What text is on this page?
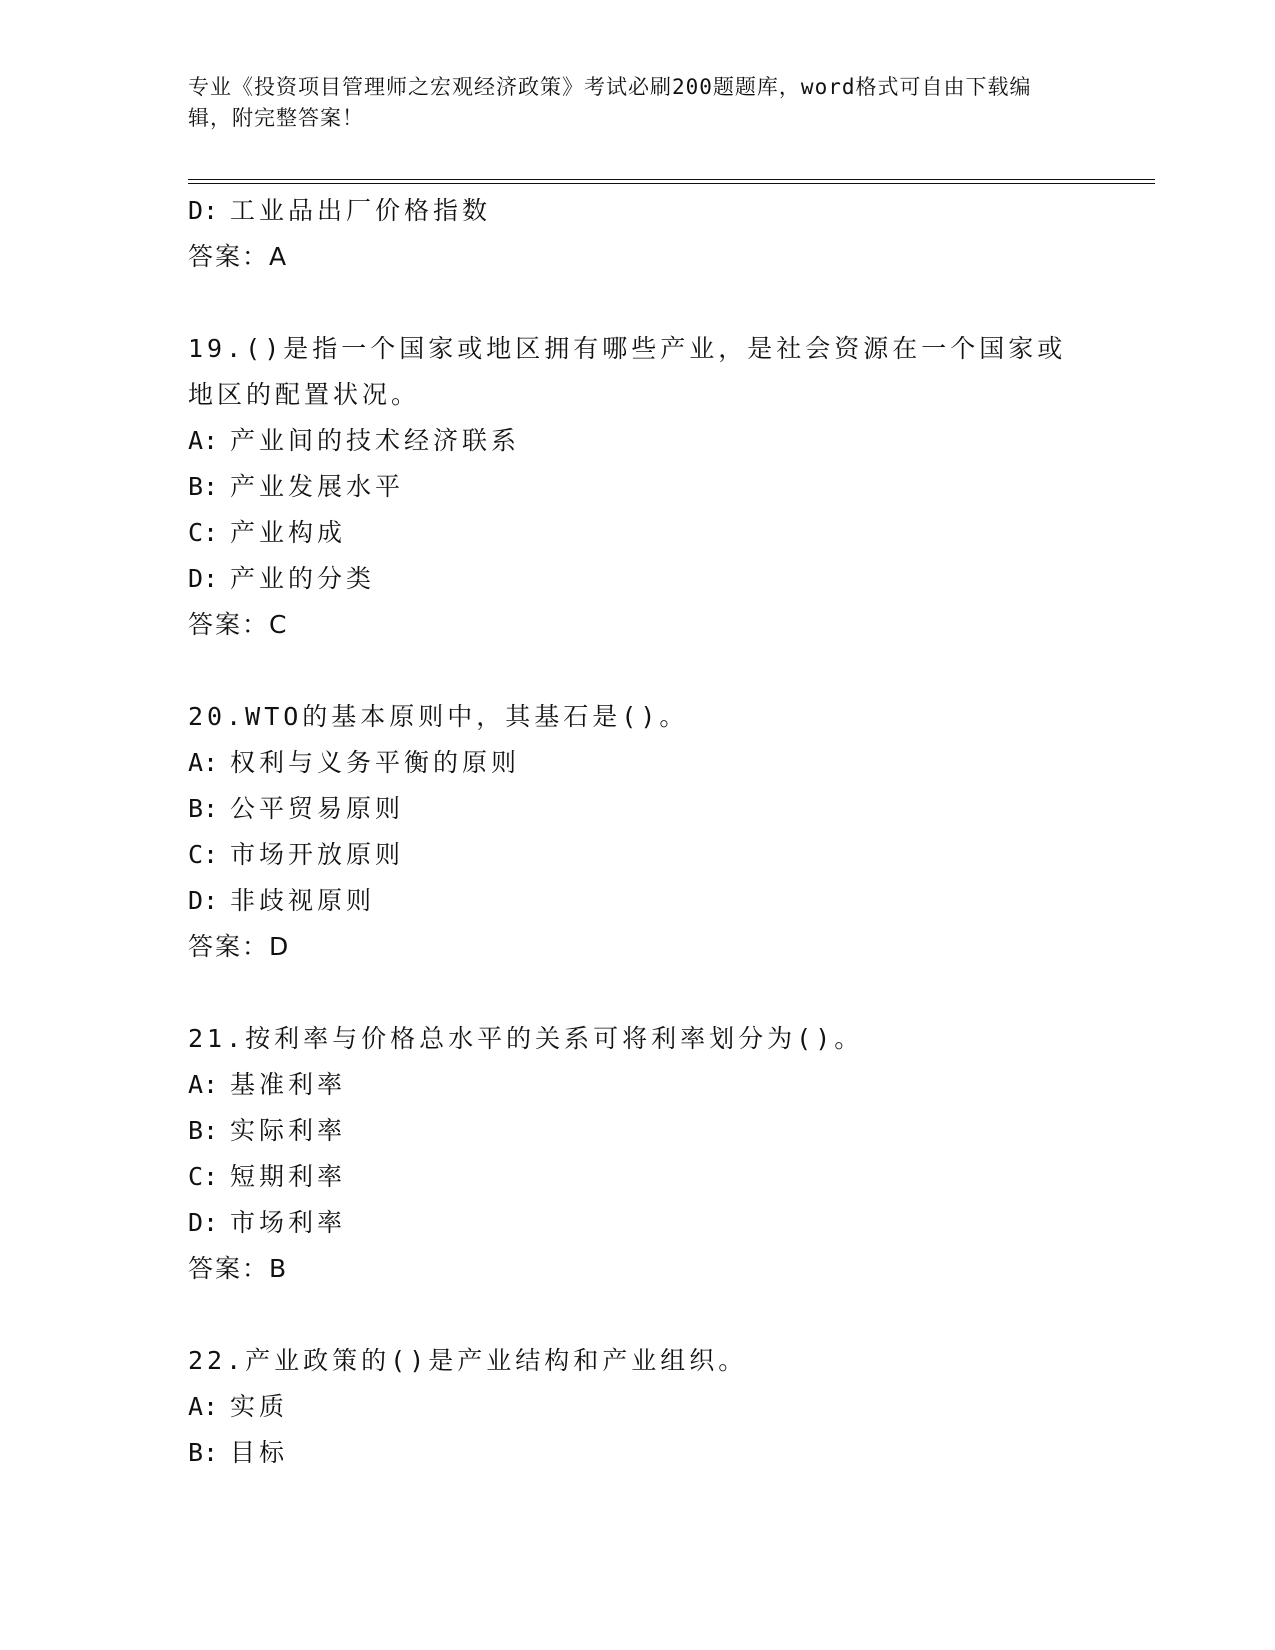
专业《投资项目管理师之宏观经济政策》考试必刷200题题库，word格式可自由下载编辑，附完整答案！
D: 工业品出厂价格指数
答案：A
19.()是指一个国家或地区拥有哪些产业，是社会资源在一个国家或地区的配置状况。
A: 产业间的技术经济联系
B: 产业发展水平
C: 产业构成
D: 产业的分类
答案：C
20.WTO的基本原则中，其基石是()。
A: 权利与义务平衡的原则
B: 公平贸易原则
C: 市场开放原则
D: 非歧视原则
答案：D
21.按利率与价格总水平的关系可将利率划分为()。
A: 基准利率
B: 实际利率
C: 短期利率
D: 市场利率
答案：B
22.产业政策的()是产业结构和产业组织。
A: 实质
B: 目标
